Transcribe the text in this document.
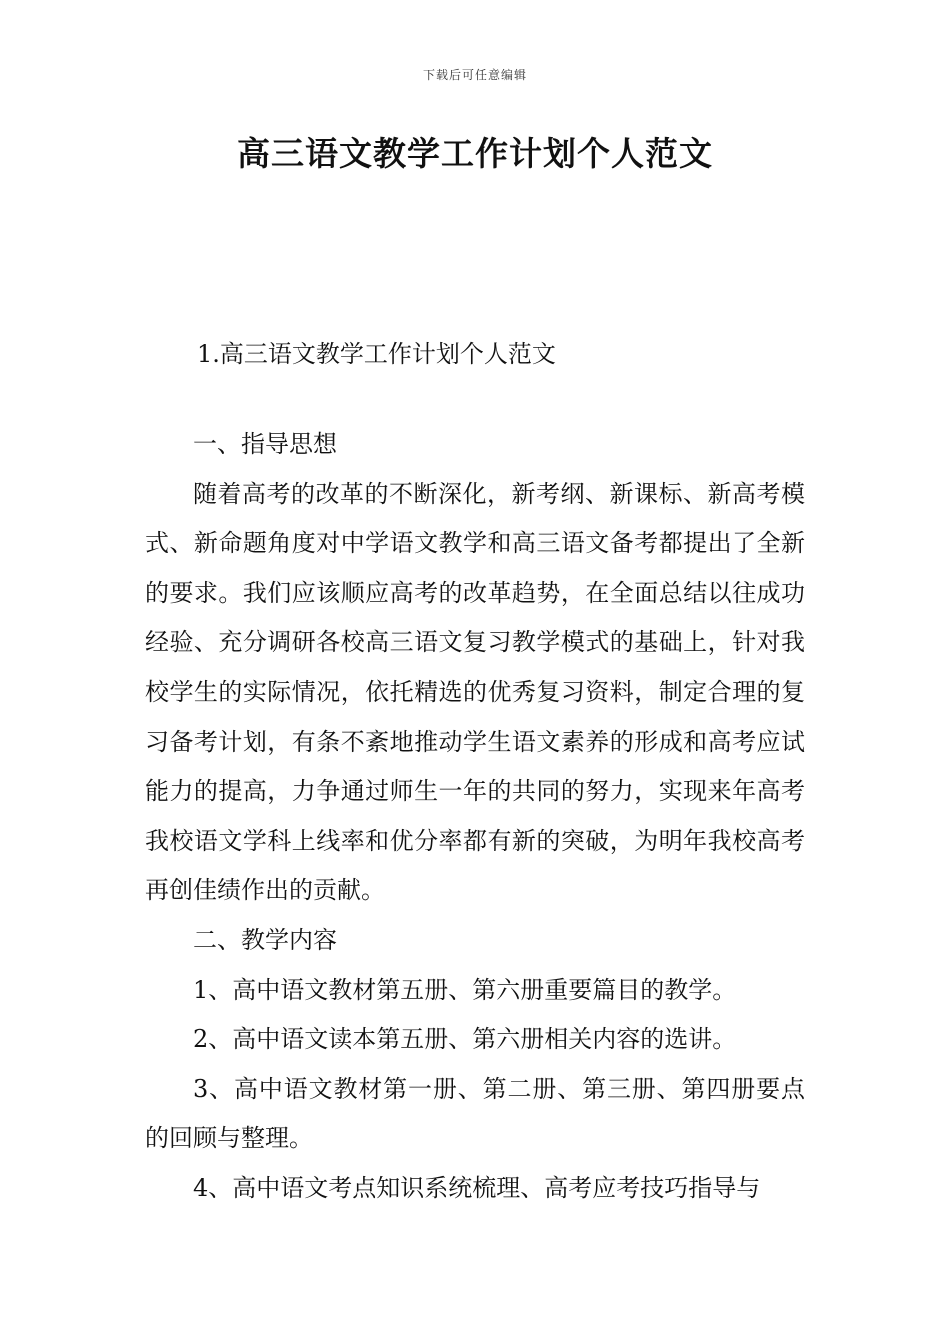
下载后可任意编辑
高三语文教学工作计划个人范文
1.高三语文教学工作计划个人范文

一、指导思想

随着高考的改革的不断深化，新考纲、新课标、新高考模式、新命题角度对中学语文教学和高三语文备考都提出了全新的要求。我们应该顺应高考的改革趋势，在全面总结以往成功经验、充分调研各校高三语文复习教学模式的基础上，针对我校学生的实际情况，依托精选的优秀复习资料，制定合理的复习备考计划，有条不紊地推动学生语文素养的形成和高考应试能力的提高，力争通过师生一年的共同的努力，实现来年高考我校语文学科上线率和优分率都有新的突破，为明年我校高考再创佳绩作出的贡献。

二、教学内容

1、高中语文教材第五册、第六册重要篇目的教学。

2、高中语文读本第五册、第六册相关内容的选讲。

3、高中语文教材第一册、第二册、第三册、第四册要点的回顾与整理。

4、高中语文考点知识系统梳理、高考应考技巧指导与
